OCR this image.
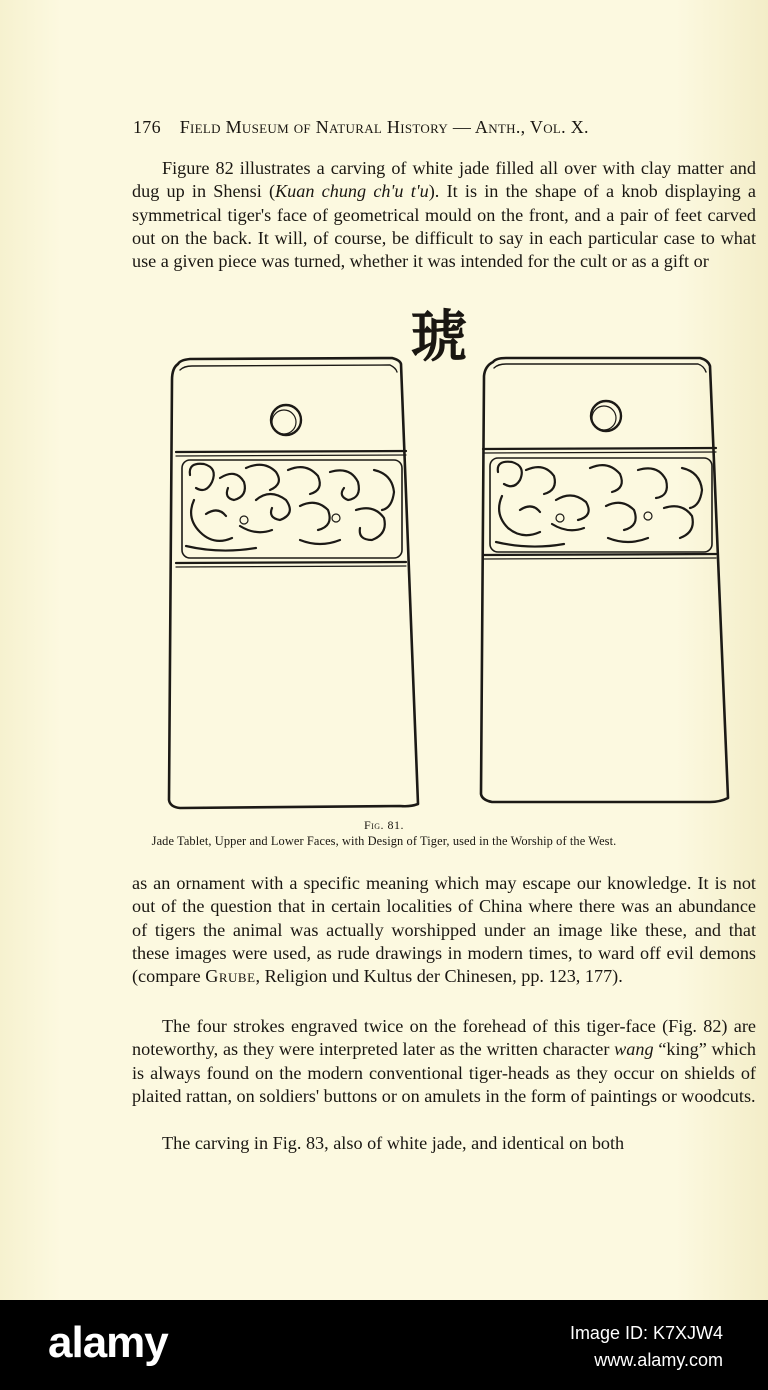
176 Field Museum of Natural History — Anth., Vol. X.

Figure 82 illustrates a carving of white jade filled all over with clay matter and dug up in Shensi (Kuan chung ch'u t'u). It is in the shape of a knob displaying a symmetrical tiger's face of geometrical mould on the front, and a pair of feet carved out on the back. It will, of course, be difficult to say in each particular case to what use a given piece was turned, whether it was intended for the cult or as a gift or

琥
Fig. 81.
Jade Tablet, Upper and Lower Faces, with Design of Tiger, used in the Worship of the West.

as an ornament with a specific meaning which may escape our knowledge. It is not out of the question that in certain localities of China where there was an abundance of tigers the animal was actually worshipped under an image like these, and that these images were used, as rude drawings in modern times, to ward off evil demons (compare Grube, Religion und Kultus der Chinesen, pp. 123, 177).

The four strokes engraved twice on the forehead of this tiger-face (Fig. 82) are noteworthy, as they were interpreted later as the written character wang “king” which is always found on the modern conventional tiger-heads as they occur on shields of plaited rattan, on soldiers' buttons or on amulets in the form of paintings or woodcuts.

The carving in Fig. 83, also of white jade, and identical on both

alamy	Image ID: K7XJW4
www.alamy.com
